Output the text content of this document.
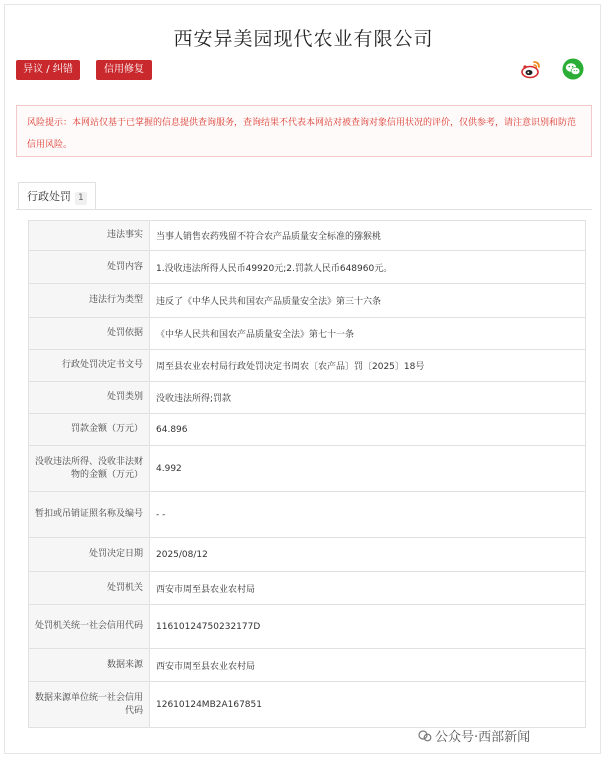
西安异美园现代农业有限公司
异议 / 纠错	信用修复
风险提示：本网站仅基于已掌握的信息提供查询服务，查询结果不代表本网站对被查询对象信用状况的评价，仅供参考，请注意识别和防范信用风险。
行政处罚 1
违法事实	当事人销售农药残留不符合农产品质量安全标准的猕猴桃
处罚内容	1.没收违法所得人民币49920元;2.罚款人民币648960元。
违法行为类型	违反了《中华人民共和国农产品质量安全法》第三十六条
处罚依据	《中华人民共和国农产品质量安全法》第七十一条
行政处罚决定书文号	周至县农业农村局行政处罚决定书周农〔农产品〕罚〔2025〕18号
处罚类别	没收违法所得;罚款
罚款金额（万元）	64.896
没收违法所得、没收非法财物的金额（万元）	4.992
暂扣或吊销证照名称及编号	- -
处罚决定日期	2025/08/12
处罚机关	西安市周至县农业农村局
处罚机关统一社会信用代码	11610124750232177D
数据来源	西安市周至县农业农村局
数据来源单位统一社会信用代码	12610124MB2A167851
公众号·西部新闻
